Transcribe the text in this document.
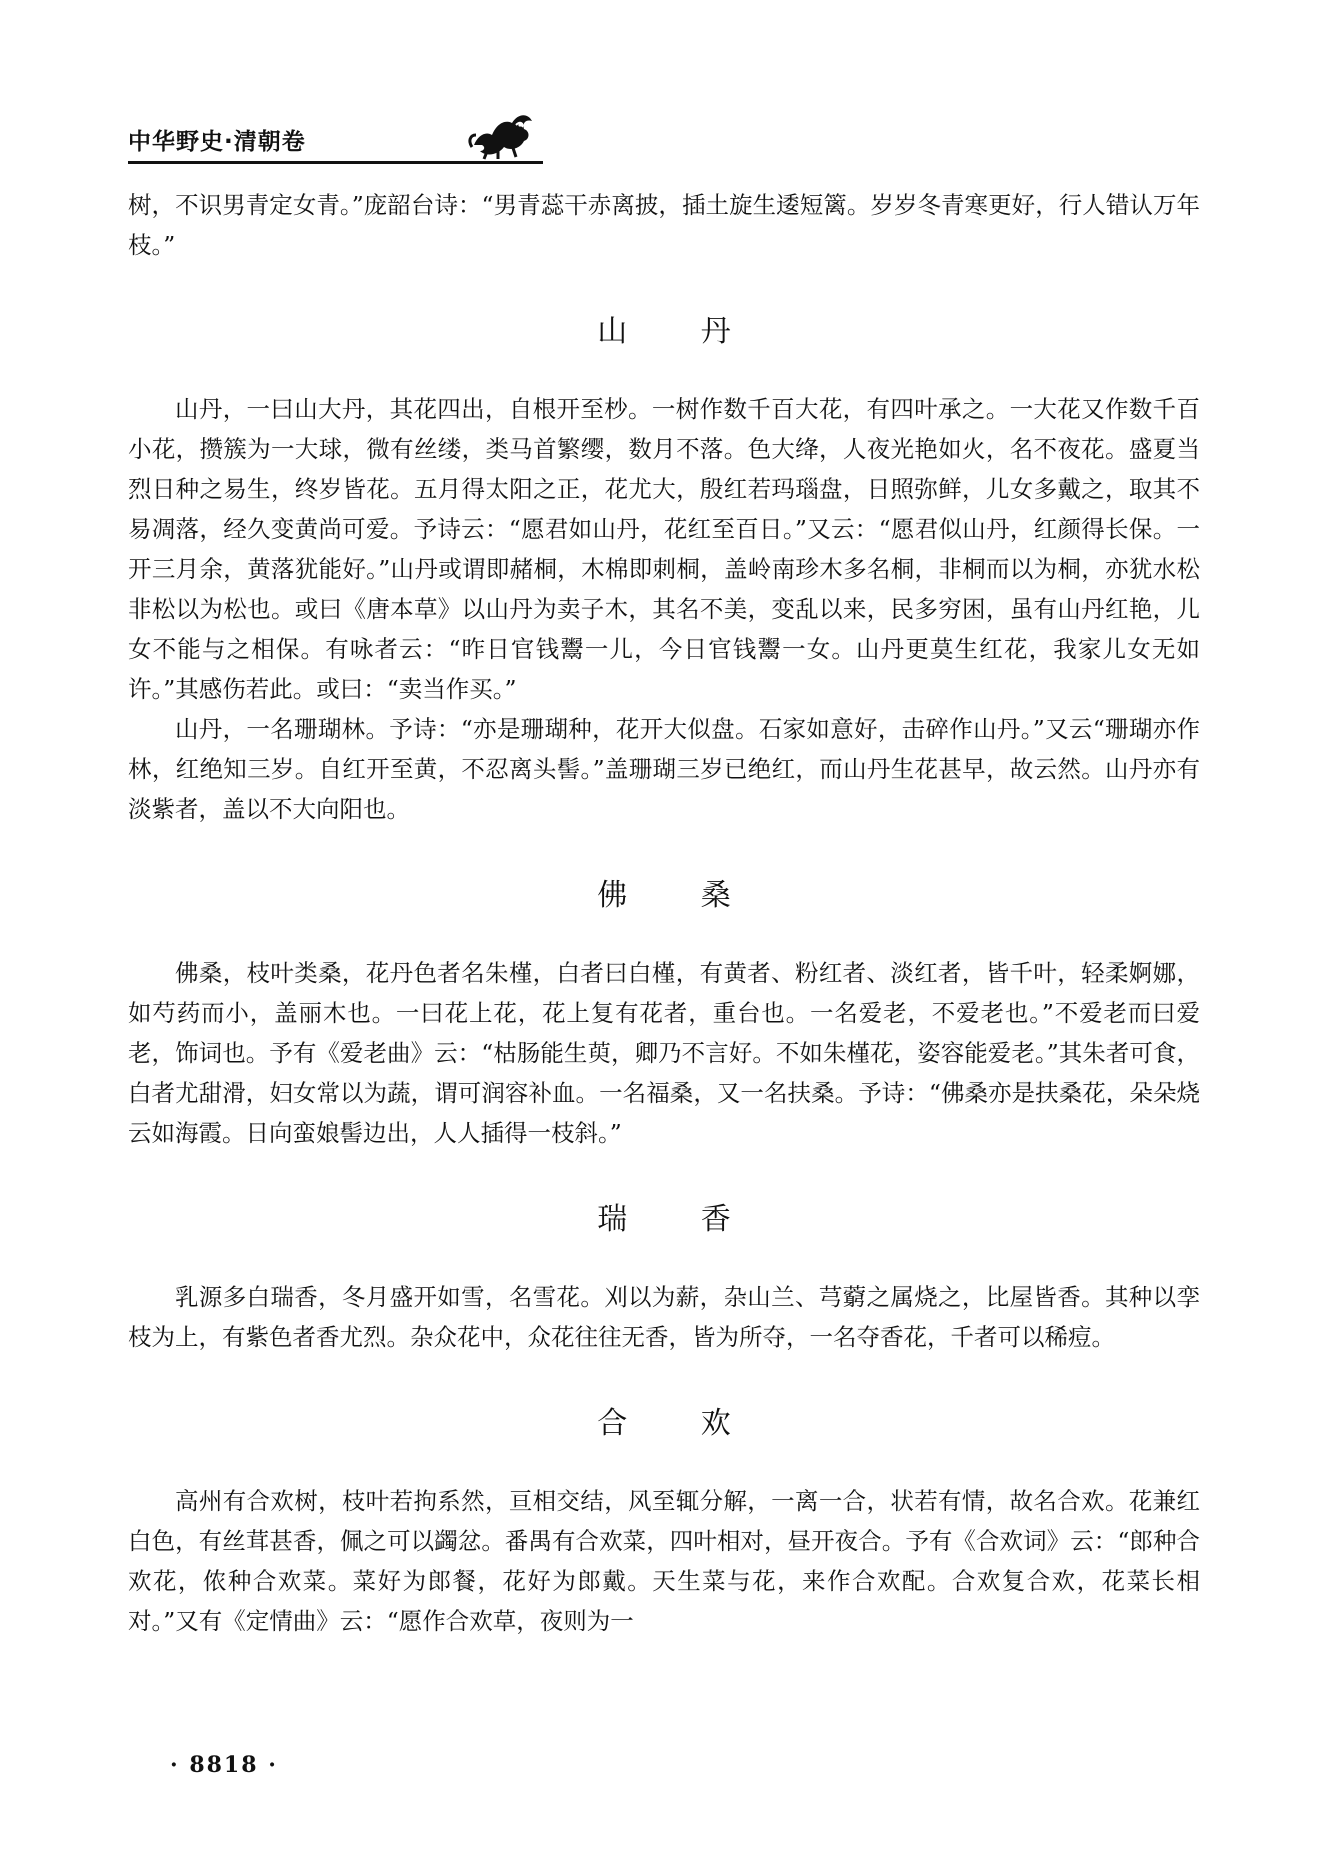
中华野史·清朝卷

树，不识男青定女青。”庞韶台诗：“男青蕊干赤离披，插土旋生逶短篱。岁岁冬青寒更好，行人错认万年枝。”

山 丹

山丹，一曰山大丹，其花四出，自根开至杪。一树作数千百大花，有四叶承之。一大花又作数千百小花，攒簇为一大球，微有丝缕，类马首繁缨，数月不落。色大绛，人夜光艳如火，名不夜花。盛夏当烈日种之易生，终岁皆花。五月得太阳之正，花尤大，殷红若玛瑙盘，日照弥鲜，儿女多戴之，取其不易凋落，经久变黄尚可爱。予诗云：“愿君如山丹，花红至百日。”又云：“愿君似山丹，红颜得长保。一开三月余，黄落犹能好。”山丹或谓即赭桐，木棉即刺桐，盖岭南珍木多名桐，非桐而以为桐，亦犹水松非松以为松也。或曰《唐本草》以山丹为卖子木，其名不美，变乱以来，民多穷困，虽有山丹红艳，儿女不能与之相保。有咏者云：“昨日官钱鬻一儿，今日官钱鬻一女。山丹更莫生红花，我家儿女无如许。”其感伤若此。或曰：“卖当作买。”

山丹，一名珊瑚林。予诗：“亦是珊瑚种，花开大似盘。石家如意好，击碎作山丹。”又云“珊瑚亦作林，红绝知三岁。自红开至黄，不忍离头髻。”盖珊瑚三岁已绝红，而山丹生花甚早，故云然。山丹亦有淡紫者，盖以不大向阳也。

佛 桑

佛桑，枝叶类桑，花丹色者名朱槿，白者曰白槿，有黄者、粉红者、淡红者，皆千叶，轻柔婀娜，如芍药而小，盖丽木也。一曰花上花，花上复有花者，重台也。一名爱老，不爱老也。”不爱老而曰爱老，饰词也。予有《爱老曲》云：“枯肠能生萸，卿乃不言好。不如朱槿花，姿容能爱老。”其朱者可食，白者尤甜滑，妇女常以为蔬，谓可润容补血。一名福桑，又一名扶桑。予诗：“佛桑亦是扶桑花，朵朵烧云如海霞。日向蛮娘髻边出，人人插得一枝斜。”

瑞 香

乳源多白瑞香，冬月盛开如雪，名雪花。刈以为薪，杂山兰、芎藭之属烧之，比屋皆香。其种以孪枝为上，有紫色者香尤烈。杂众花中，众花往往无香，皆为所夺，一名夺香花，千者可以稀痘。

合 欢

高州有合欢树，枝叶若拘系然，亘相交结，风至辄分解，一离一合，状若有情，故名合欢。花兼红白色，有丝茸甚香，佩之可以蠲忿。番禺有合欢菜，四叶相对，昼开夜合。予有《合欢词》云：“郎种合欢花，侬种合欢菜。菜好为郎餐，花好为郎戴。天生菜与花，来作合欢配。合欢复合欢，花菜长相对。”又有《定情曲》云：“愿作合欢草，夜则为一

· 8818 ·
